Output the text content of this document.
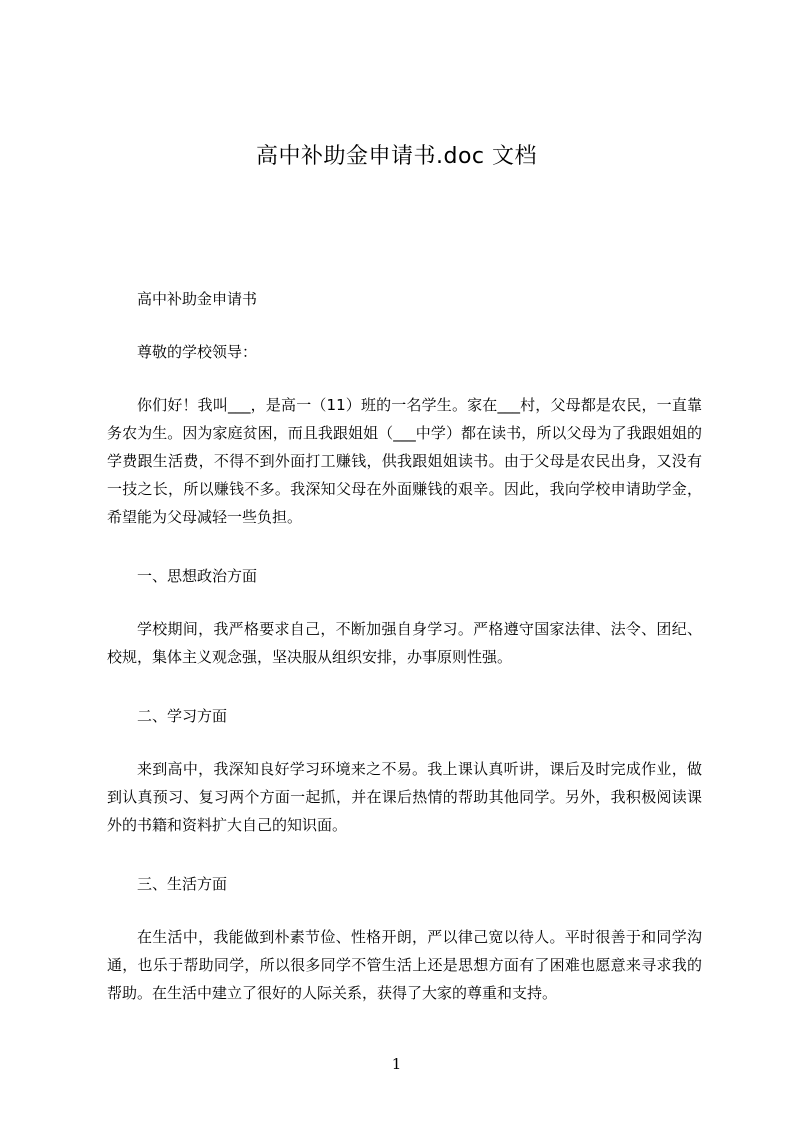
高中补助金申请书.doc 文档

高中补助金申请书

尊敬的学校领导：

你们好！我叫___，是高一（11）班的一名学生。家在___村，父母都是农民，一直靠务农为生。因为家庭贫困，而且我跟姐姐（___中学）都在读书，所以父母为了我跟姐姐的学费跟生活费，不得不到外面打工赚钱，供我跟姐姐读书。由于父母是农民出身，又没有一技之长，所以赚钱不多。我深知父母在外面赚钱的艰辛。因此，我向学校申请助学金，希望能为父母减轻一些负担。

一、思想政治方面

学校期间，我严格要求自己，不断加强自身学习。严格遵守国家法律、法令、团纪、校规，集体主义观念强，坚决服从组织安排，办事原则性强。

二、学习方面

来到高中，我深知良好学习环境来之不易。我上课认真听讲，课后及时完成作业，做到认真预习、复习两个方面一起抓，并在课后热情的帮助其他同学。另外，我积极阅读课外的书籍和资料扩大自己的知识面。

三、生活方面

在生活中，我能做到朴素节俭、性格开朗，严以律己宽以待人。平时很善于和同学沟通，也乐于帮助同学，所以很多同学不管生活上还是思想方面有了困难也愿意来寻求我的帮助。在生活中建立了很好的人际关系，获得了大家的尊重和支持。

1
